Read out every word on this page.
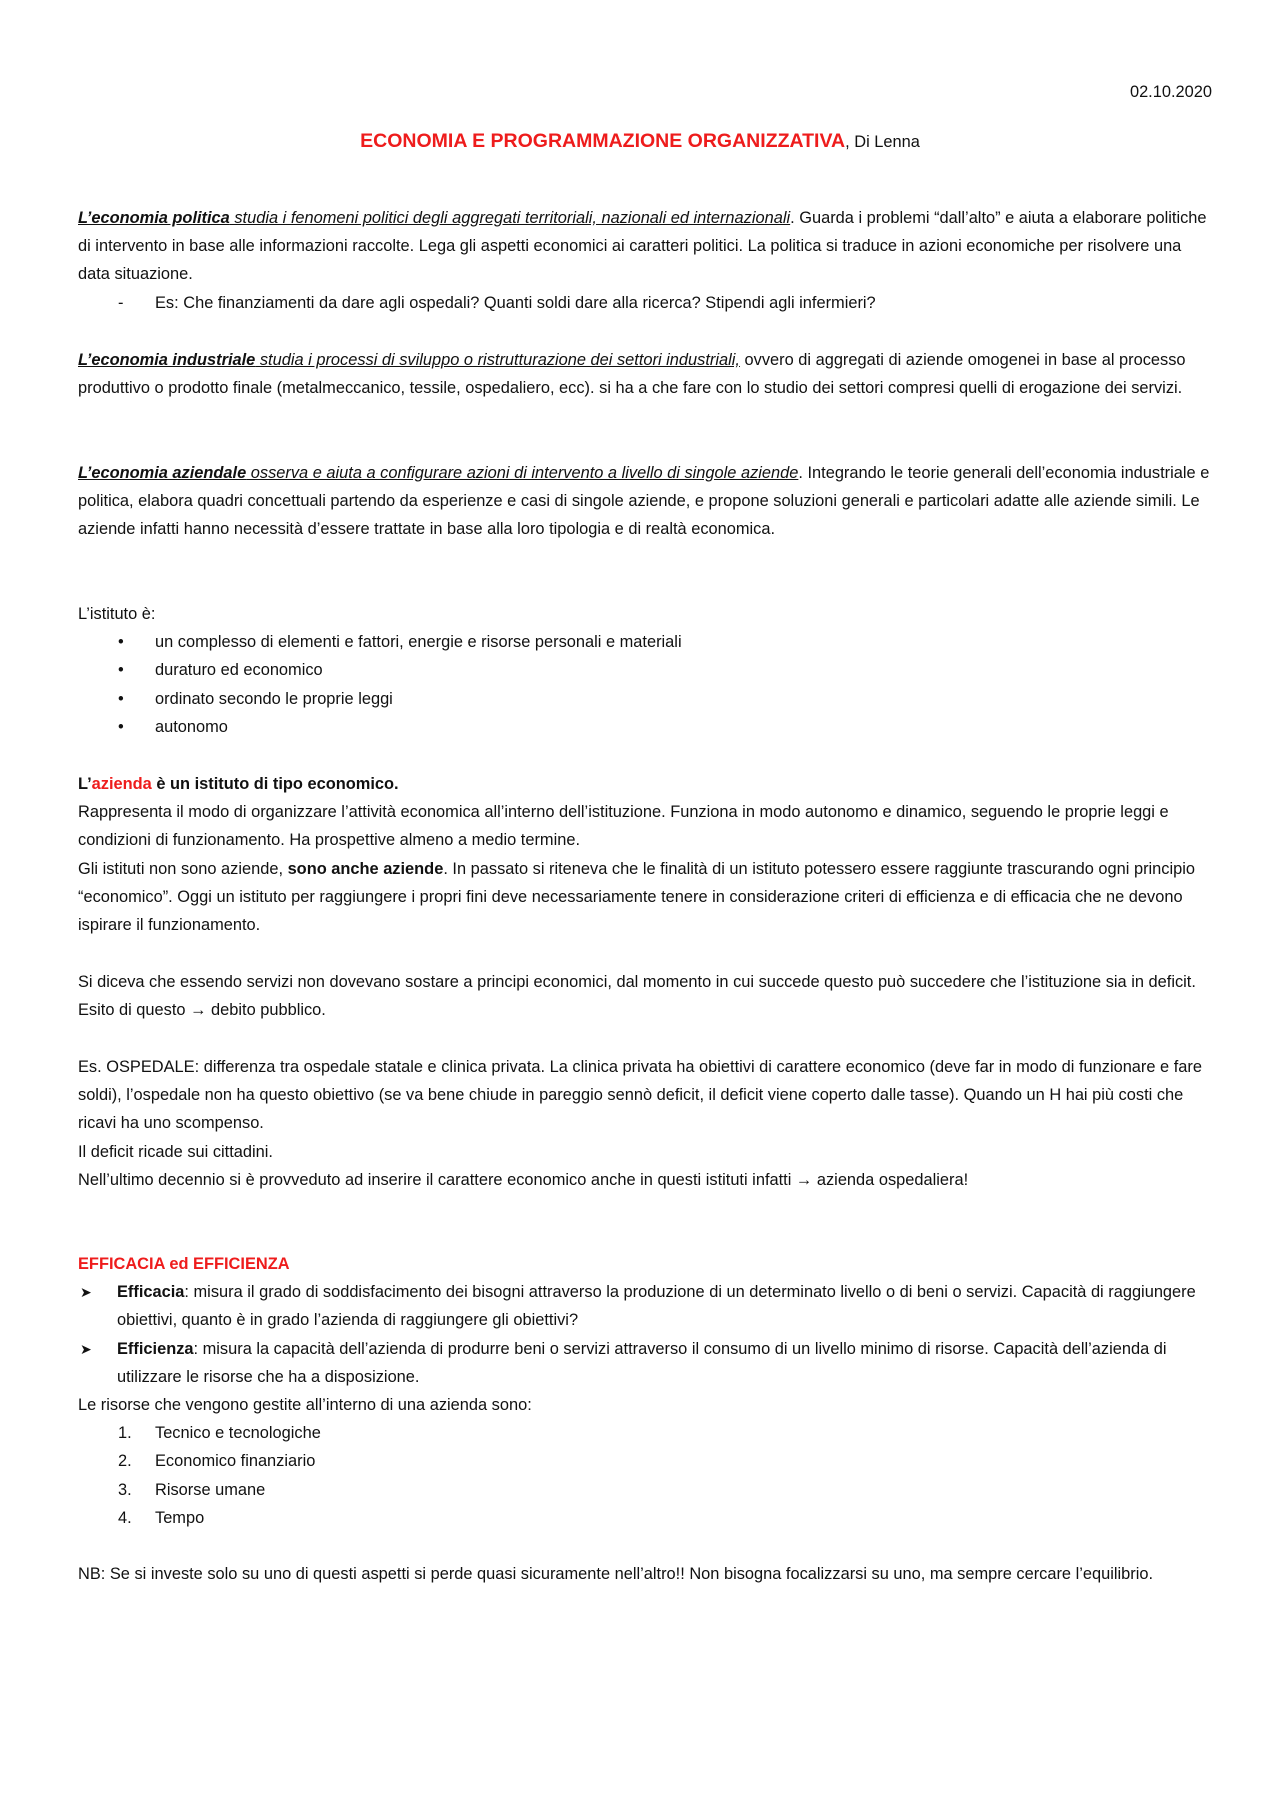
02.10.2020
ECONOMIA E PROGRAMMAZIONE ORGANIZZATIVA, Di Lenna
L’economia politica studia i fenomeni politici degli aggregati territoriali, nazionali ed internazionali. Guarda i problemi “dall’alto” e aiuta a elaborare politiche di intervento in base alle informazioni raccolte. Lega gli aspetti economici ai caratteri politici. La politica si traduce in azioni economiche per risolvere una data situazione.
- Es: Che finanziamenti da dare agli ospedali? Quanti soldi dare alla ricerca? Stipendi agli infermieri?
L’economia industriale studia i processi di sviluppo o ristrutturazione dei settori industriali, ovvero di aggregati di aziende omogenei in base al processo produttivo o prodotto finale (metalmeccanico, tessile, ospedaliero, ecc). si ha a che fare con lo studio dei settori compresi quelli di erogazione dei servizi.
L’economia aziendale osserva e aiuta a configurare azioni di intervento a livello di singole aziende. Integrando le teorie generali dell’economia industriale e politica, elabora quadri concettuali partendo da esperienze e casi di singole aziende, e propone soluzioni generali e particolari adatte alle aziende simili. Le aziende infatti hanno necessità d’essere trattate in base alla loro tipologia e di realtà economica.
L’istituto è:
• un complesso di elementi e fattori, energie e risorse personali e materiali
• duraturo ed economico
• ordinato secondo le proprie leggi
• autonomo
L’azienda è un istituto di tipo economico.
Rappresenta il modo di organizzare l’attività economica all’interno dell’istituzione. Funziona in modo autonomo e dinamico, seguendo le proprie leggi e condizioni di funzionamento. Ha prospettive almeno a medio termine.
Gli istituti non sono aziende, sono anche aziende. In passato si riteneva che le finalità di un istituto potessero essere raggiunte trascurando ogni principio “economico”. Oggi un istituto per raggiungere i propri fini deve necessariamente tenere in considerazione criteri di efficienza e di efficacia che ne devono ispirare il funzionamento.
Si diceva che essendo servizi non dovevano sostare a principi economici, dal momento in cui succede questo può succedere che l’istituzione sia in deficit. Esito di questo → debito pubblico.
Es. OSPEDALE: differenza tra ospedale statale e clinica privata. La clinica privata ha obiettivi di carattere economico (deve far in modo di funzionare e fare soldi), l’ospedale non ha questo obiettivo (se va bene chiude in pareggio sennò deficit, il deficit viene coperto dalle tasse). Quando un H hai più costi che ricavi ha uno scompenso.
Il deficit ricade sui cittadini.
Nell’ultimo decennio si è provveduto ad inserire il carattere economico anche in questi istituti infatti → azienda ospedaliera!
EFFICACIA ed EFFICIENZA
➤ Efficacia: misura il grado di soddisfacimento dei bisogni attraverso la produzione di un determinato livello o di beni o servizi. Capacità di raggiungere obiettivi, quanto è in grado l’azienda di raggiungere gli obiettivi?
➤ Efficienza: misura la capacità dell’azienda di produrre beni o servizi attraverso il consumo di un livello minimo di risorse. Capacità dell’azienda di utilizzare le risorse che ha a disposizione.
Le risorse che vengono gestite all’interno di una azienda sono:
1. Tecnico e tecnologiche
2. Economico finanziario
3. Risorse umane
4. Tempo
NB: Se si investe solo su uno di questi aspetti si perde quasi sicuramente nell’altro!! Non bisogna focalizzarsi su uno, ma sempre cercare l’equilibrio.
